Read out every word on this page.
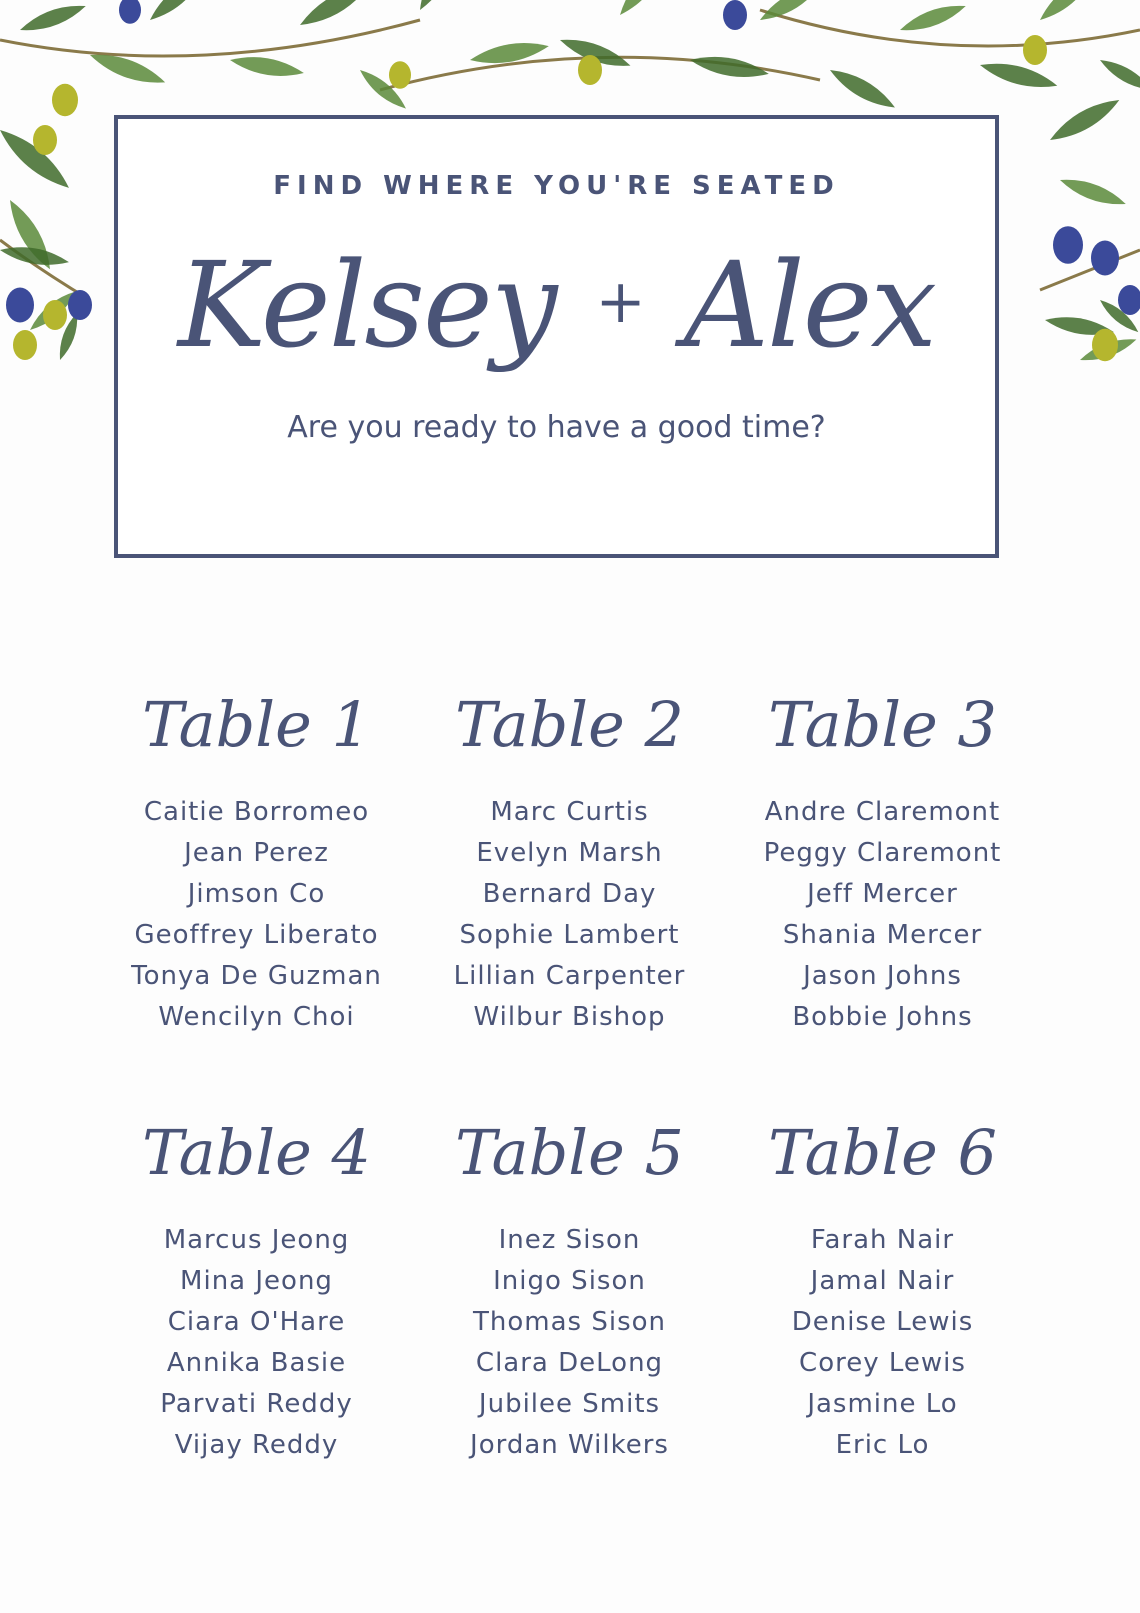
FIND WHERE YOU'RE SEATED
Kelsey + Alex
Are you ready to have a good time?
Table 1
Caitie Borromeo
Jean Perez
Jimson Co
Geoffrey Liberato
Tonya De Guzman
Wencilyn Choi
Table 2
Marc Curtis
Evelyn Marsh
Bernard Day
Sophie Lambert
Lillian Carpenter
Wilbur Bishop
Table 3
Andre Claremont
Peggy Claremont
Jeff Mercer
Shania Mercer
Jason Johns
Bobbie Johns
Table 4
Marcus Jeong
Mina Jeong
Ciara O'Hare
Annika Basie
Parvati Reddy
Vijay Reddy
Table 5
Inez Sison
Inigo Sison
Thomas Sison
Clara DeLong
Jubilee Smits
Jordan Wilkers
Table 6
Farah Nair
Jamal Nair
Denise Lewis
Corey Lewis
Jasmine Lo
Eric Lo
